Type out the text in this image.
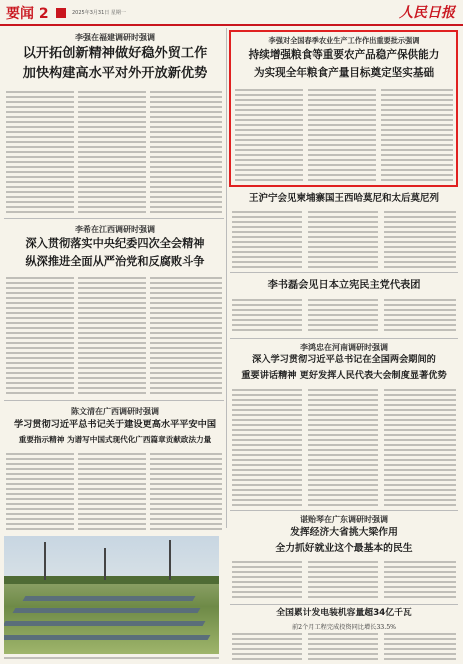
要闻 2	2025年3月31日 星期一	人民日报
李强在福建调研时强调
以开拓创新精神做好稳外贸工作
加快构建高水平对外开放新优势
李强对全国春季农业生产工作作出重要批示强调
持续增强粮食等重要农产品稳产保供能力
为实现全年粮食产量目标奠定坚实基础
王沪宁会见柬埔寨国王西哈莫尼和太后莫尼列
李希在江西调研时强调
深入贯彻落实中央纪委四次全会精神
纵深推进全面从严治党和反腐败斗争
李书磊会见日本立宪民主党代表团
李鸿忠在河南调研时强调
深入学习贯彻习近平总书记在全国两会期间的
重要讲话精神 更好发挥人民代表大会制度显著优势
陈文清在广西调研时强调
学习贯彻习近平总书记关于建设更高水平平安中国
重要指示精神 为谱写中国式现代化广西篇章贡献政法力量
谌贻琴在广东调研时强调
发挥经济大省挑大梁作用
全力抓好就业这个最基本的民生
全国累计发电装机容量超34亿千瓦
前2个月工程完成投资同比增长33.5%
